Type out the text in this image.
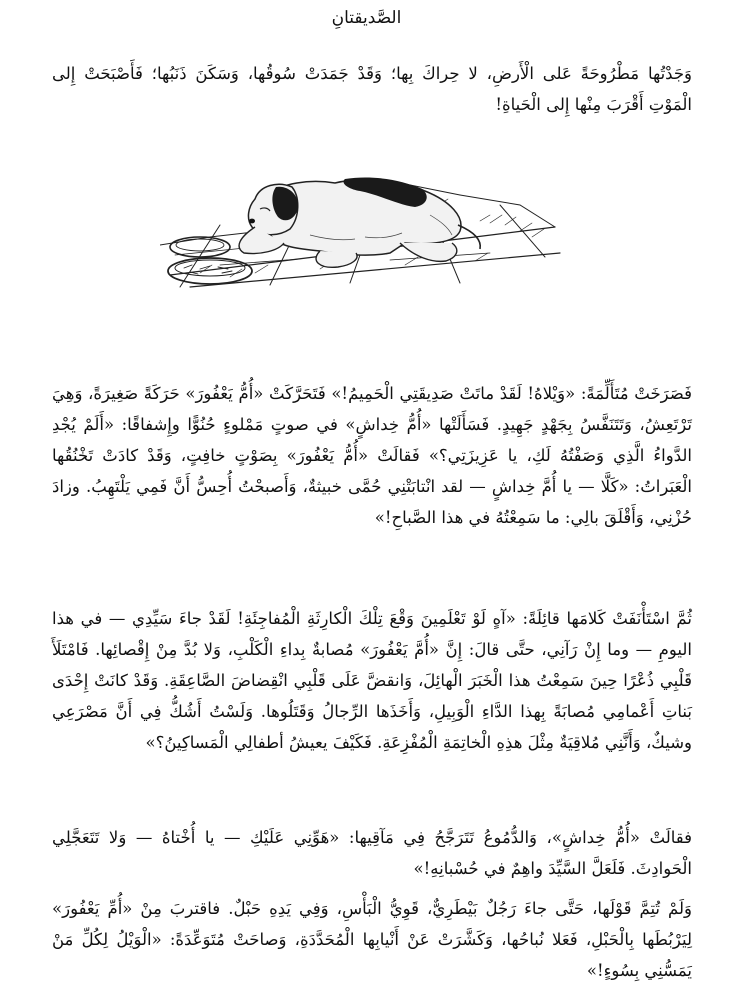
الصَّديقتانِ

وَجَدْتُها مَطْرُوحَةً عَلى الْأَرضِ، لا حِراكَ بِها؛ وَقَدْ جَمَدَتْ سُوقُها، وَسَكَنَ ذَنَبُها؛ فَأَصْبَحَتْ إِلى الْمَوْتِ أَقْرَبَ مِنْها إِلى الْحَياةِ!

فَصَرَخَتْ مُتَأَلِّمَةً: «وَيْلاهُ! لَقَدْ ماتَتْ صَدِيقَتِي الْحَمِيمُ!» فَتَحَرَّكَتْ «أُمُّ يَعْفُورَ» حَرَكَةً صَغِيرَةً، وَهِيَ تَرْتَعِشُ، وَتَتَنَفَّسُ بِجَهْدٍ جَهِيدٍ. فَسَأَلَتْها «أُمُّ خِداشٍ» في صوتٍ مَمْلوءٍ حُنُوًّا وإِشفاقًا: «أَلَمْ يُجْدِ الدَّواءُ الَّذِي وَصَفْتُهُ لَكِ، يا عَزِيزَتِي؟» فَقالَتْ «أُمُّ يَعْفُورَ» بِصَوْتٍ خافِتٍ، وَقَدْ كادَتْ تَخْنُقُها الْعَبَراتُ: «كَلَّا — يا أُمَّ خِداشٍ — لقد انْتابَتْنِي حُمَّى خبيثةٌ، وَأَصبحْتُ أُحِسُّ أَنَّ فَمِي يَلْتَهِبُ. وزادَ حُزْنِي، وَأَقْلَقَ بالِي: ما سَمِعْتُهُ في هذا الصَّباحِ!»

ثُمَّ اسْتَأْنَفَتْ كَلامَها قائِلَةً: «آهٍ لَوْ تَعْلَمِينَ وَقْعَ تِلْكَ الْكارِثَةِ الْمُفاجِئَةِ! لَقَدْ جاءَ سَيِّدِي — في هذا اليومِ — وما إِنْ رَآنِي، حتَّى قالَ: إِنَّ «أُمَّ يَعْفُورَ» مُصابةٌ بِداءِ الْكَلْبِ، وَلا بُدَّ مِنْ إِقْصائِها. فَامْتَلَأَ قَلْبِي ذُعْرًا حِينَ سَمِعْتُ هذا الْخَبَرَ الْهائِلَ، وَانقضَّ عَلَى قَلْبِي انْقِضاضَ الصَّاعِقَةِ. وَقَدْ كانَتْ إِحْدَى بَناتِ أَعْمامِي مُصابَةً بِهذا الدَّاءِ الْوَبِيلِ، وَأَخَذَها الرِّجالُ وَقَتَلُوها. وَلَسْتُ أَشُكُّ فِي أَنَّ مَصْرَعِي وشيكٌ، وَأَنَّنِي مُلاقِيَةٌ مِثْلَ هذِهِ الْخاتِمَةِ الْمُفْزِعَةِ. فَكَيْفَ يعيشُ أطفالِي الْمَساكِينُ؟»

فقالَتْ «أُمُّ خِداشٍ»، وَالدُّمُوعُ تَتَرَجَّحُ فِي مَآقِيها: «هَوِّنِي عَلَيْكِ — يا أُخْتاهُ — وَلا تَتَعَجَّلِي الْحَوادِثَ. فَلَعَلَّ السَّيِّدَ واهِمٌ في حُسْبانِهِ!»

وَلَمْ تُتِمَّ قَوْلَها، حَتَّى جاءَ رَجُلٌ بَيْطَرِيٌّ، قَوِيُّ الْبَأْسِ، وَفِي يَدِهِ حَبْلٌ. فاقتربَ مِنْ «أُمِّ يَعْفُورَ» لِيَرْبُطَها بِالْحَبْلِ، فَعَلا نُباحُها، وَكَشَّرَتْ عَنْ أَنْيابِها الْمُحَدَّدَةِ، وَصاحَتْ مُتَوَعِّدَةً: «الْوَيْلُ لِكُلِّ مَنْ يَمَسُّنِي بِسُوءٍ!»
